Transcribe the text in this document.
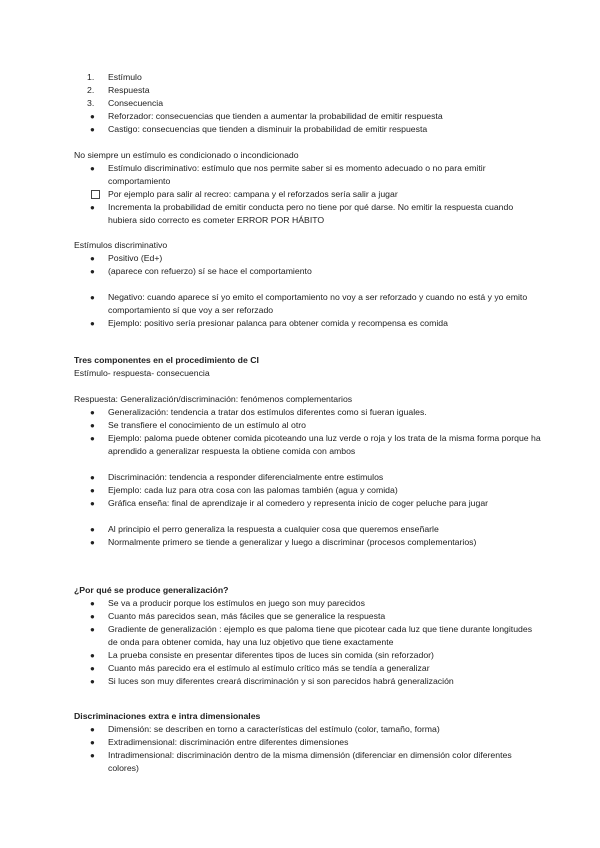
1.	Estímulo
2.	Respuesta
3.	Consecuencia
● Reforzador: consecuencias que tienden a aumentar la probabilidad de emitir respuesta
● Castigo: consecuencias que tienden a disminuir la probabilidad de emitir respuesta
No siempre un estímulo es condicionado o incondicionado
● Estímulo discriminativo: estímulo que nos permite saber si es momento adecuado o no para emitir comportamiento
Por ejemplo para salir al recreo: campana y el reforzados sería salir a jugar
● Incrementa la probabilidad de emitir conducta pero no tiene por qué darse. No emitir la respuesta cuando hubiera sido correcto es cometer ERROR POR HÁBITO
Estímulos discriminativo
● Positivo (Ed+)
● (aparece con refuerzo) sí se hace el comportamiento
● Negativo: cuando aparece sí yo emito el comportamiento no voy a ser reforzado y cuando no está y yo emito comportamiento sí que voy a ser reforzado
● Ejemplo: positivo sería presionar palanca para obtener comida y recompensa es comida
Tres componentes en el procedimiento de CI
Estímulo- respuesta- consecuencia
Respuesta: Generalización/discriminación: fenómenos complementarios
● Generalización: tendencia a tratar dos estímulos diferentes como si fueran iguales.
● Se transfiere el conocimiento de un estímulo al otro
● Ejemplo: paloma puede obtener comida picoteando una luz verde o roja y los trata de la misma forma porque ha aprendido a generalizar respuesta la obtiene comida con ambos
● Discriminación: tendencia a responder diferencialmente entre estimulos
● Ejemplo: cada luz para otra cosa con las palomas también (agua y comida)
● Gráfica enseña: final de aprendizaje ir al comedero y representa inicio de coger peluche para jugar
● Al principio el perro generaliza la respuesta a cualquier cosa que queremos enseñarle
● Normalmente primero se tiende a generalizar y luego a discriminar (procesos complementarios)
¿Por qué se produce generalización?
● Se va a producir porque los estímulos en juego son muy parecidos
● Cuanto más parecidos sean, más fáciles que se generalice la respuesta
● Gradiente de generalización : ejemplo es que paloma tiene que picotear cada luz que tiene durante longitudes de onda para obtener comida, hay una luz objetivo que tiene exactamente
● La prueba consiste en presentar diferentes tipos de luces sin comida (sin reforzador)
● Cuanto más parecido era el estímulo al estímulo crítico más se tendía a generalizar
● Si luces son muy diferentes creará discriminación y si son parecidos habrá generalización
Discriminaciones extra e intra dimensionales
● Dimensión: se describen en torno a características del estímulo (color, tamaño, forma)
● Extradimensional: discriminación entre diferentes dimensiones
● Intradimensional: discriminación dentro de la misma dimensión (diferenciar en dimensión color diferentes colores)
